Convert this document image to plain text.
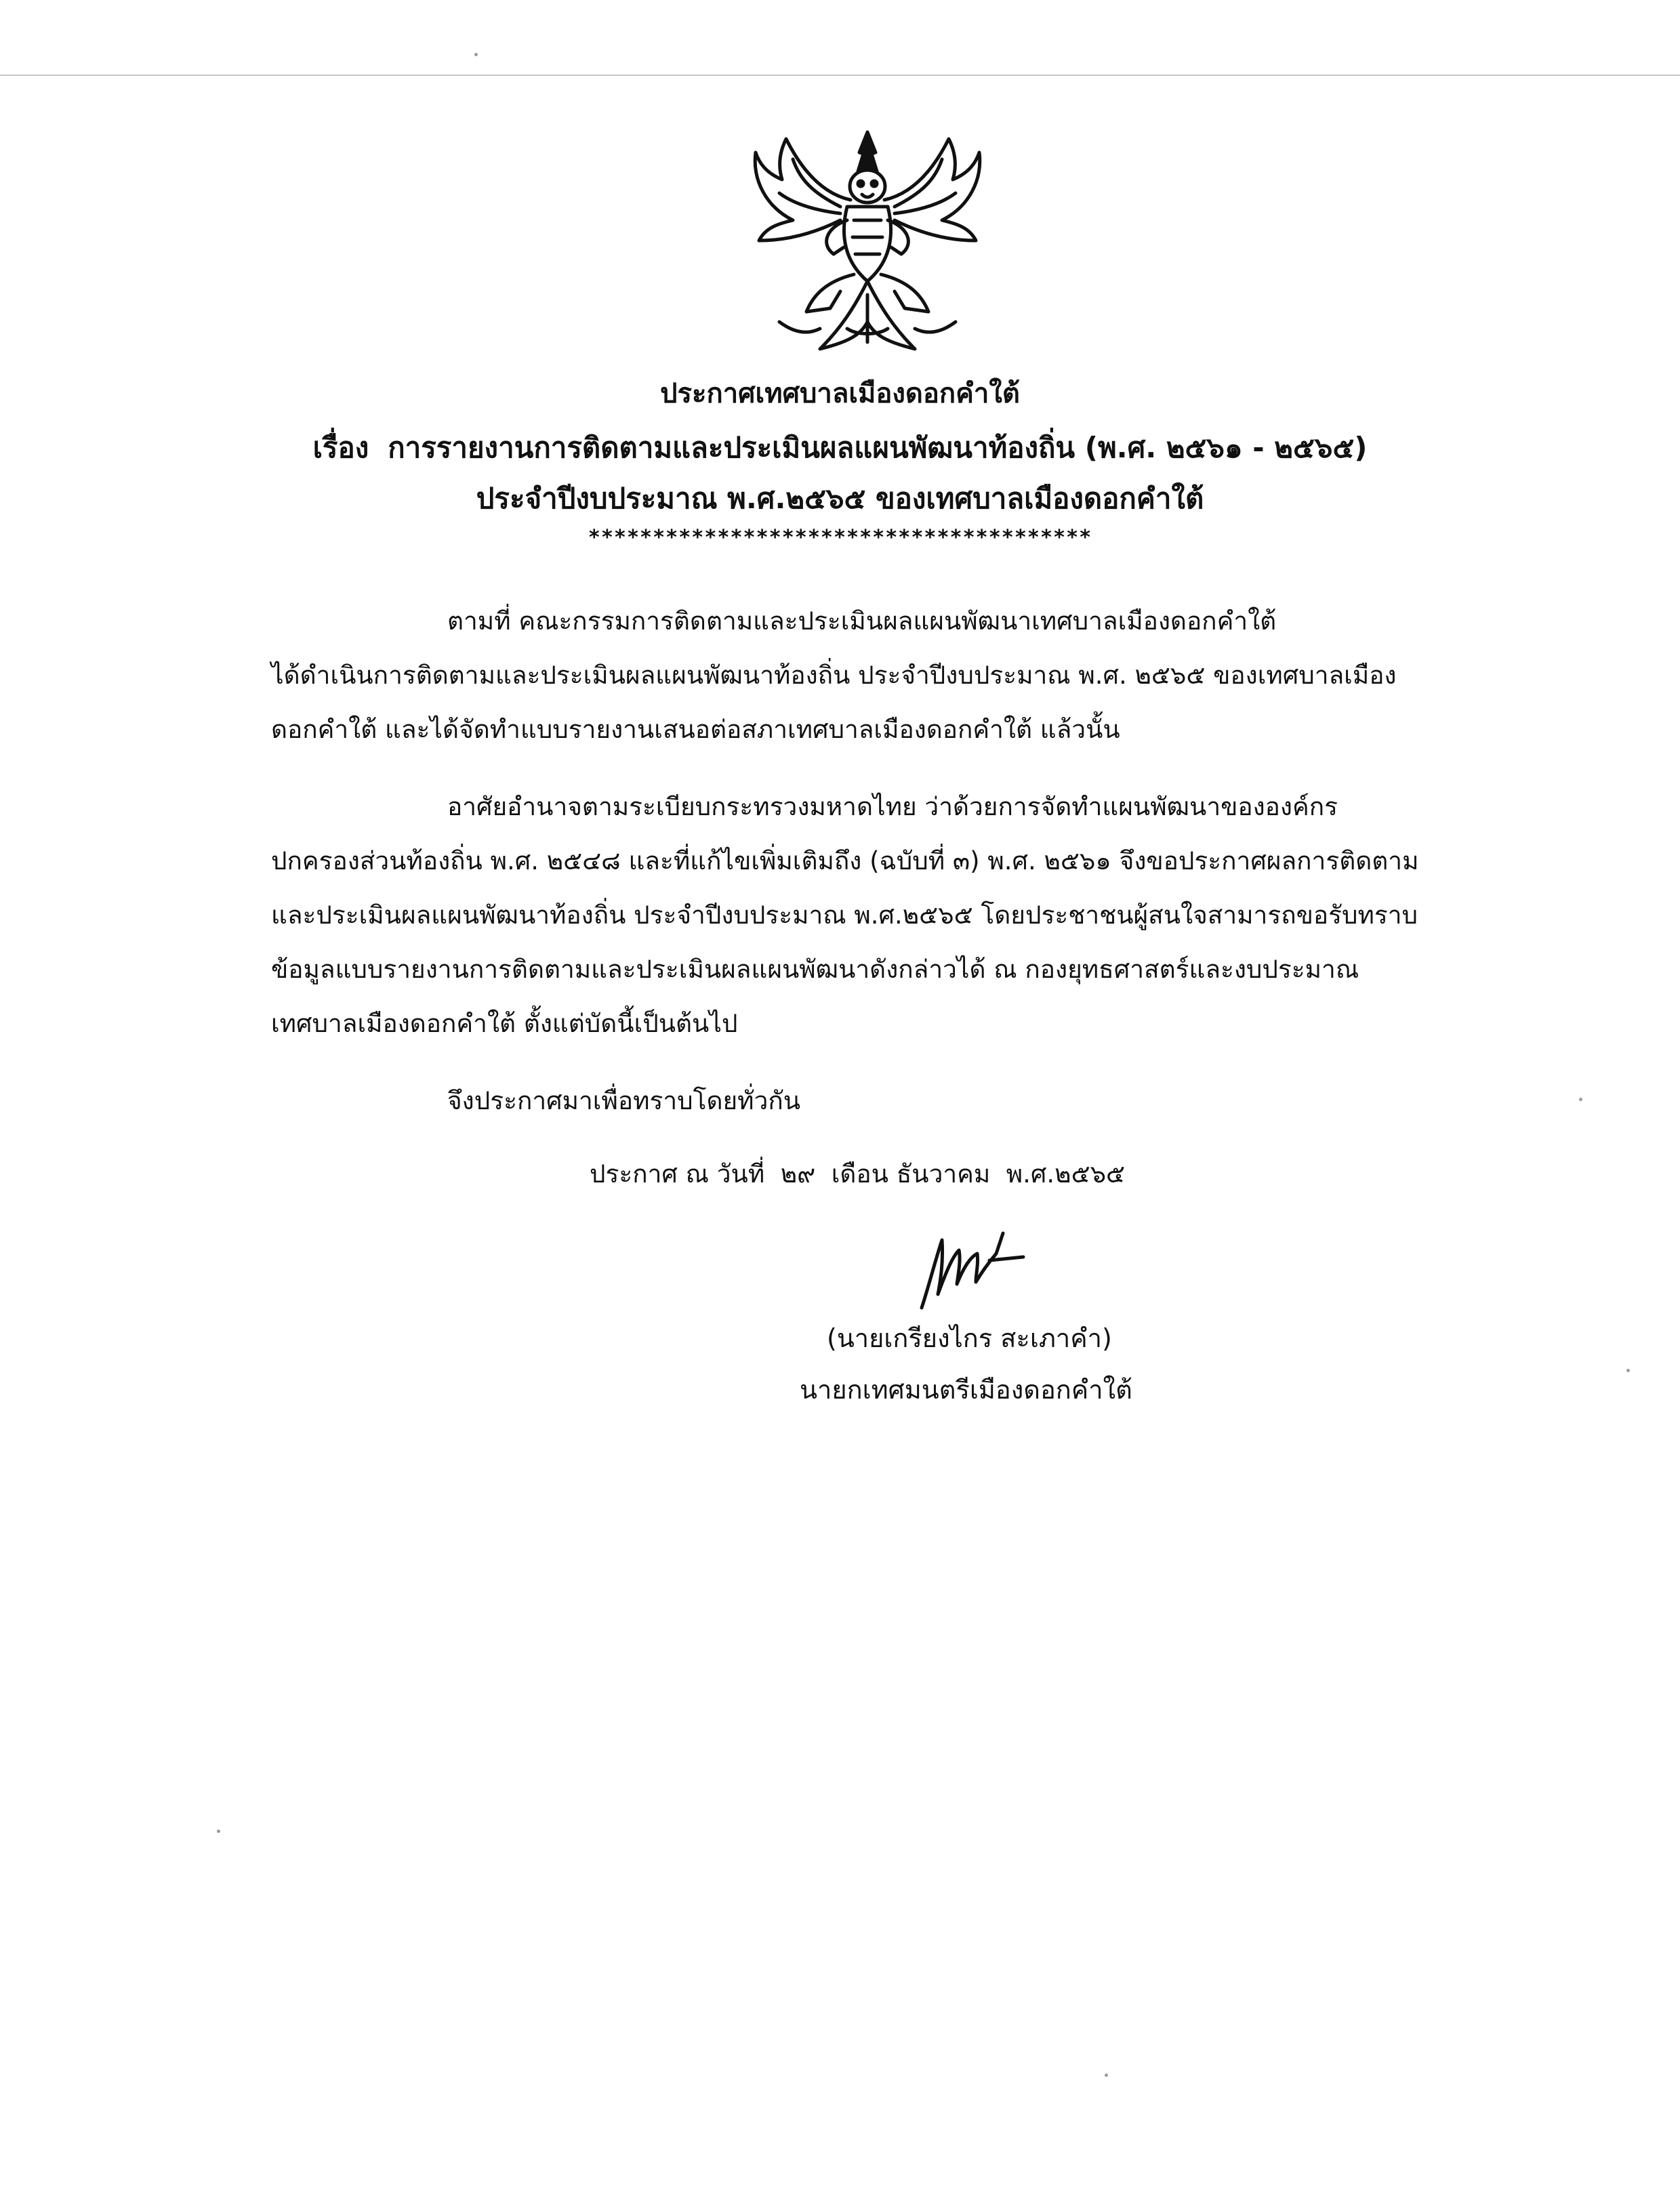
ประกาศเทศบาลเมืองดอกคำใต้
เรื่อง การรายงานการติดตามและประเมินผลแผนพัฒนาท้องถิ่น (พ.ศ. ๒๕๖๑ - ๒๕๖๕)
ประจำปีงบประมาณ พ.ศ.๒๕๖๕ ของเทศบาลเมืองดอกคำใต้
***************************************
ตามที่ คณะกรรมการติดตามและประเมินผลแผนพัฒนาเทศบาลเมืองดอกคำใต้
ได้ดำเนินการติดตามและประเมินผลแผนพัฒนาท้องถิ่น ประจำปีงบประมาณ พ.ศ. ๒๕๖๕ ของเทศบาลเมือง
ดอกคำใต้ และได้จัดทำแบบรายงานเสนอต่อสภาเทศบาลเมืองดอกคำใต้ แล้วนั้น
อาศัยอำนาจตามระเบียบกระทรวงมหาดไทย ว่าด้วยการจัดทำแผนพัฒนาขององค์กร
ปกครองส่วนท้องถิ่น พ.ศ. ๒๕๔๘ และที่แก้ไขเพิ่มเติมถึง (ฉบับที่ ๓) พ.ศ. ๒๕๖๑ จึงขอประกาศผลการติดตาม
และประเมินผลแผนพัฒนาท้องถิ่น ประจำปีงบประมาณ พ.ศ.๒๕๖๕ โดยประชาชนผู้สนใจสามารถขอรับทราบ
ข้อมูลแบบรายงานการติดตามและประเมินผลแผนพัฒนาดังกล่าวได้ ณ กองยุทธศาสตร์และงบประมาณ
เทศบาลเมืองดอกคำใต้ ตั้งแต่บัดนี้เป็นต้นไป
จึงประกาศมาเพื่อทราบโดยทั่วกัน
ประกาศ ณ วันที่  ๒๙  เดือน ธันวาคม  พ.ศ.๒๕๖๕
(นายเกรียงไกร สะเภาคำ)
นายกเทศมนตรีเมืองดอกคำใต้
